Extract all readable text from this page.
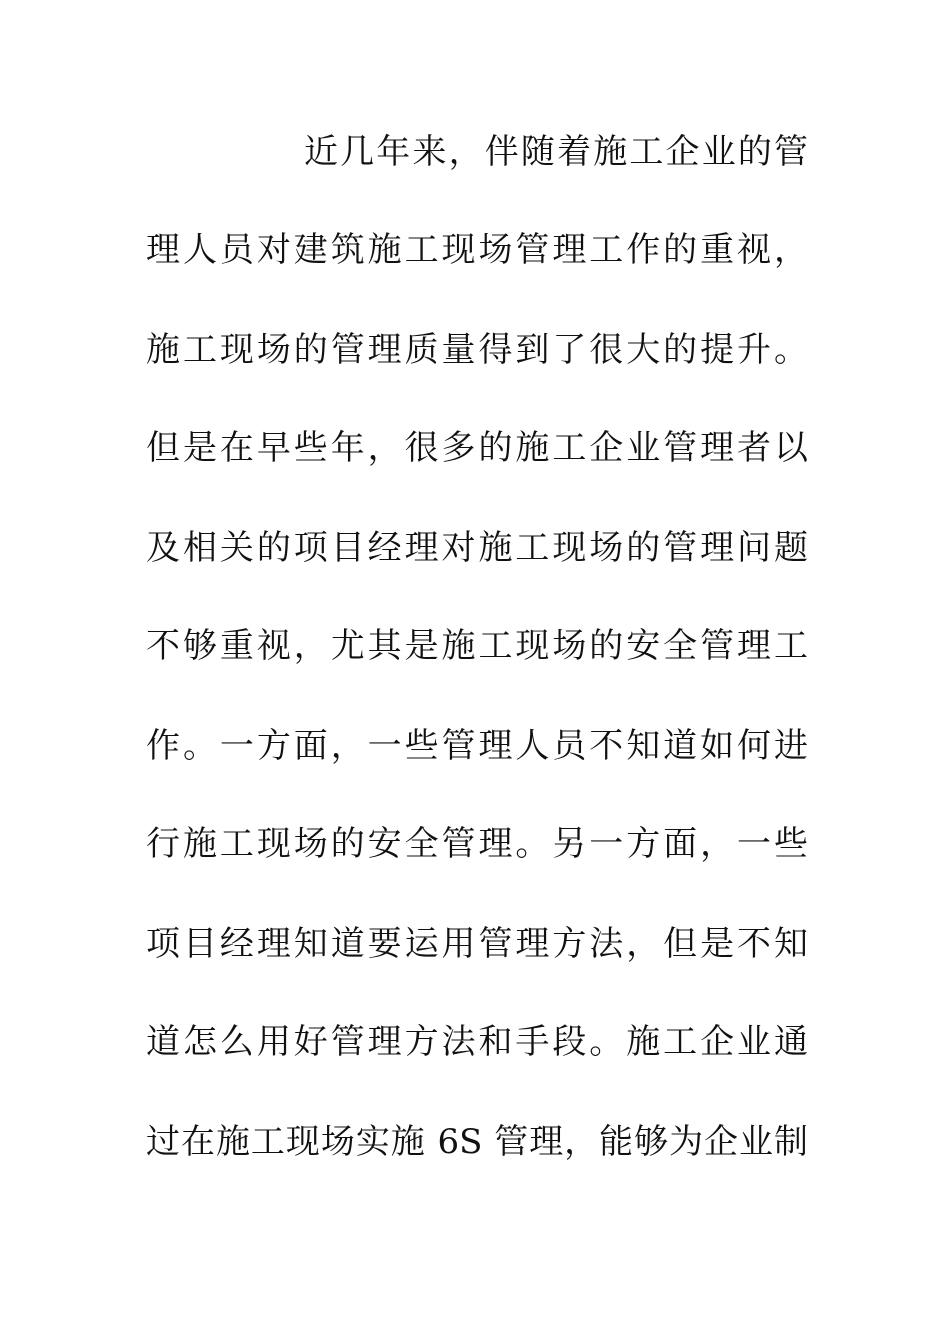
近几年来，伴随着施工企业的管

理人员对建筑施工现场管理工作的重视，

施工现场的管理质量得到了很大的提升。

但是在早些年，很多的施工企业管理者以

及相关的项目经理对施工现场的管理问题

不够重视，尤其是施工现场的安全管理工

作。一方面，一些管理人员不知道如何进

行施工现场的安全管理。另一方面，一些

项目经理知道要运用管理方法，但是不知

道怎么用好管理方法和手段。施工企业通

过在施工现场实施 6S 管理，能够为企业制
